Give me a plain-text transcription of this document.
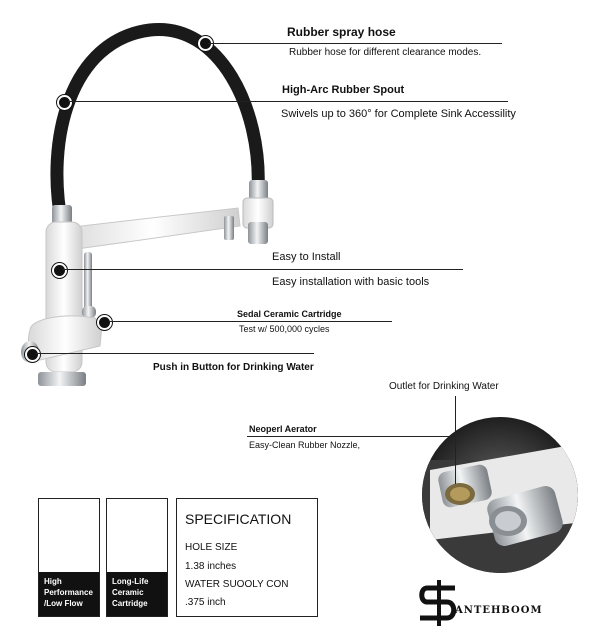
Rubber spray hose
Rubber hose for different clearance modes.
High-Arc Rubber Spout
Swivels up to 360° for Complete Sink Accessility
Easy to Install
Easy installation with basic tools
Sedal Ceramic Cartridge
Test w/ 500,000 cycles
Push in Button for Drinking Water
Outlet for Drinking Water
Neoperl Aerator
Easy-Clean Rubber Nozzle,
High
Performance
/Low Flow
Long-Life
Ceramic
Cartridge
SPECIFICATION
HOLE SIZE
1.38 inches
WATER SUOOLY CON
.375 inch
ANTEHBOOM
